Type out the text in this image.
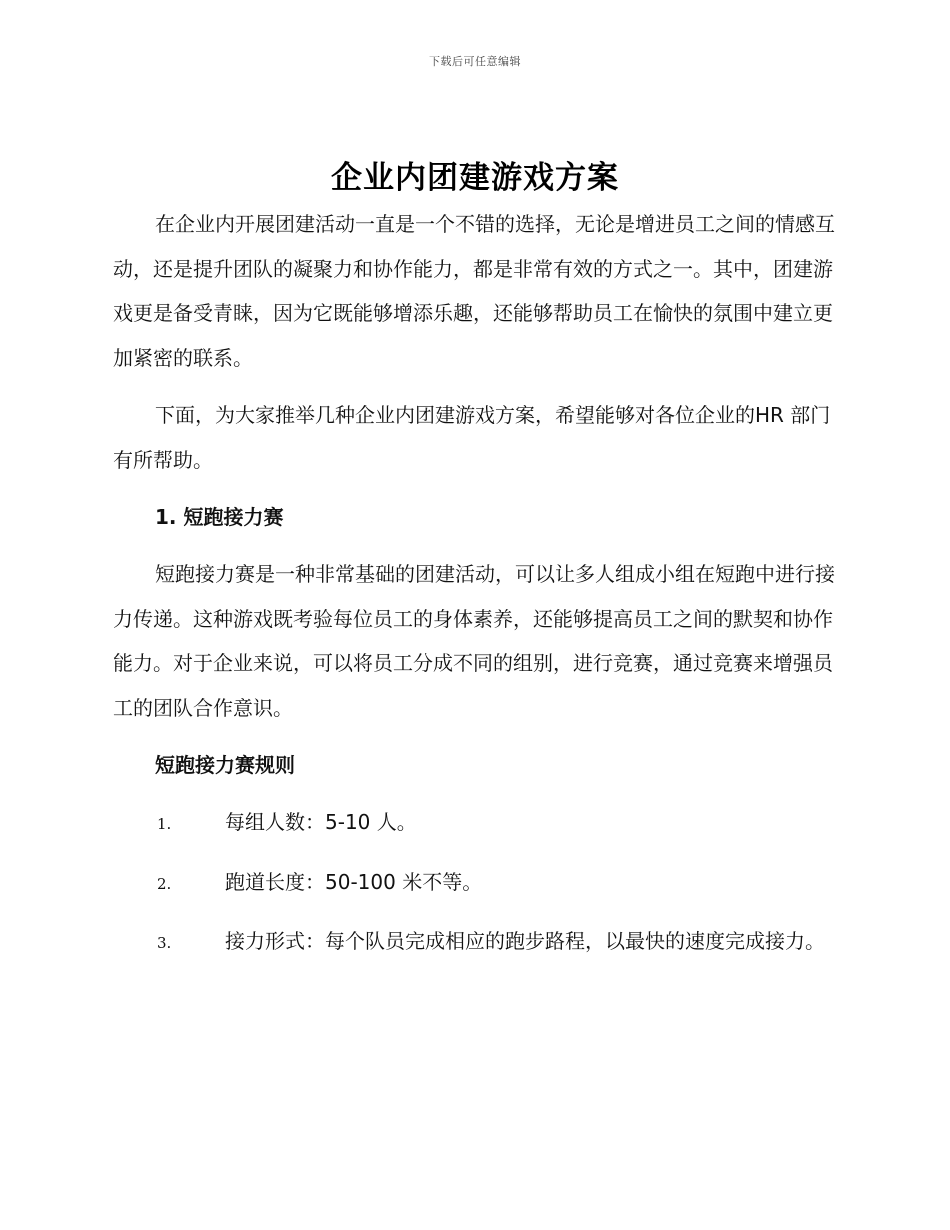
下载后可任意编辑
企业内团建游戏方案

在企业内开展团建活动一直是一个不错的选择，无论是增进员工之间的情感互动，还是提升团队的凝聚力和协作能力，都是非常有效的方式之一。其中，团建游戏更是备受青睐，因为它既能够增添乐趣，还能够帮助员工在愉快的氛围中建立更加紧密的联系。

下面，为大家推举几种企业内团建游戏方案，希望能够对各位企业的HR 部门有所帮助。

1. 短跑接力赛

短跑接力赛是一种非常基础的团建活动，可以让多人组成小组在短跑中进行接力传递。这种游戏既考验每位员工的身体素养，还能够提高员工之间的默契和协作能力。对于企业来说，可以将员工分成不同的组别，进行竞赛，通过竞赛来增强员工的团队合作意识。

短跑接力赛规则
1.	每组人数：5-10 人。
2.	跑道长度：50-100 米不等。
3.	接力形式：每个队员完成相应的跑步路程，以最快的速度完成接力。
